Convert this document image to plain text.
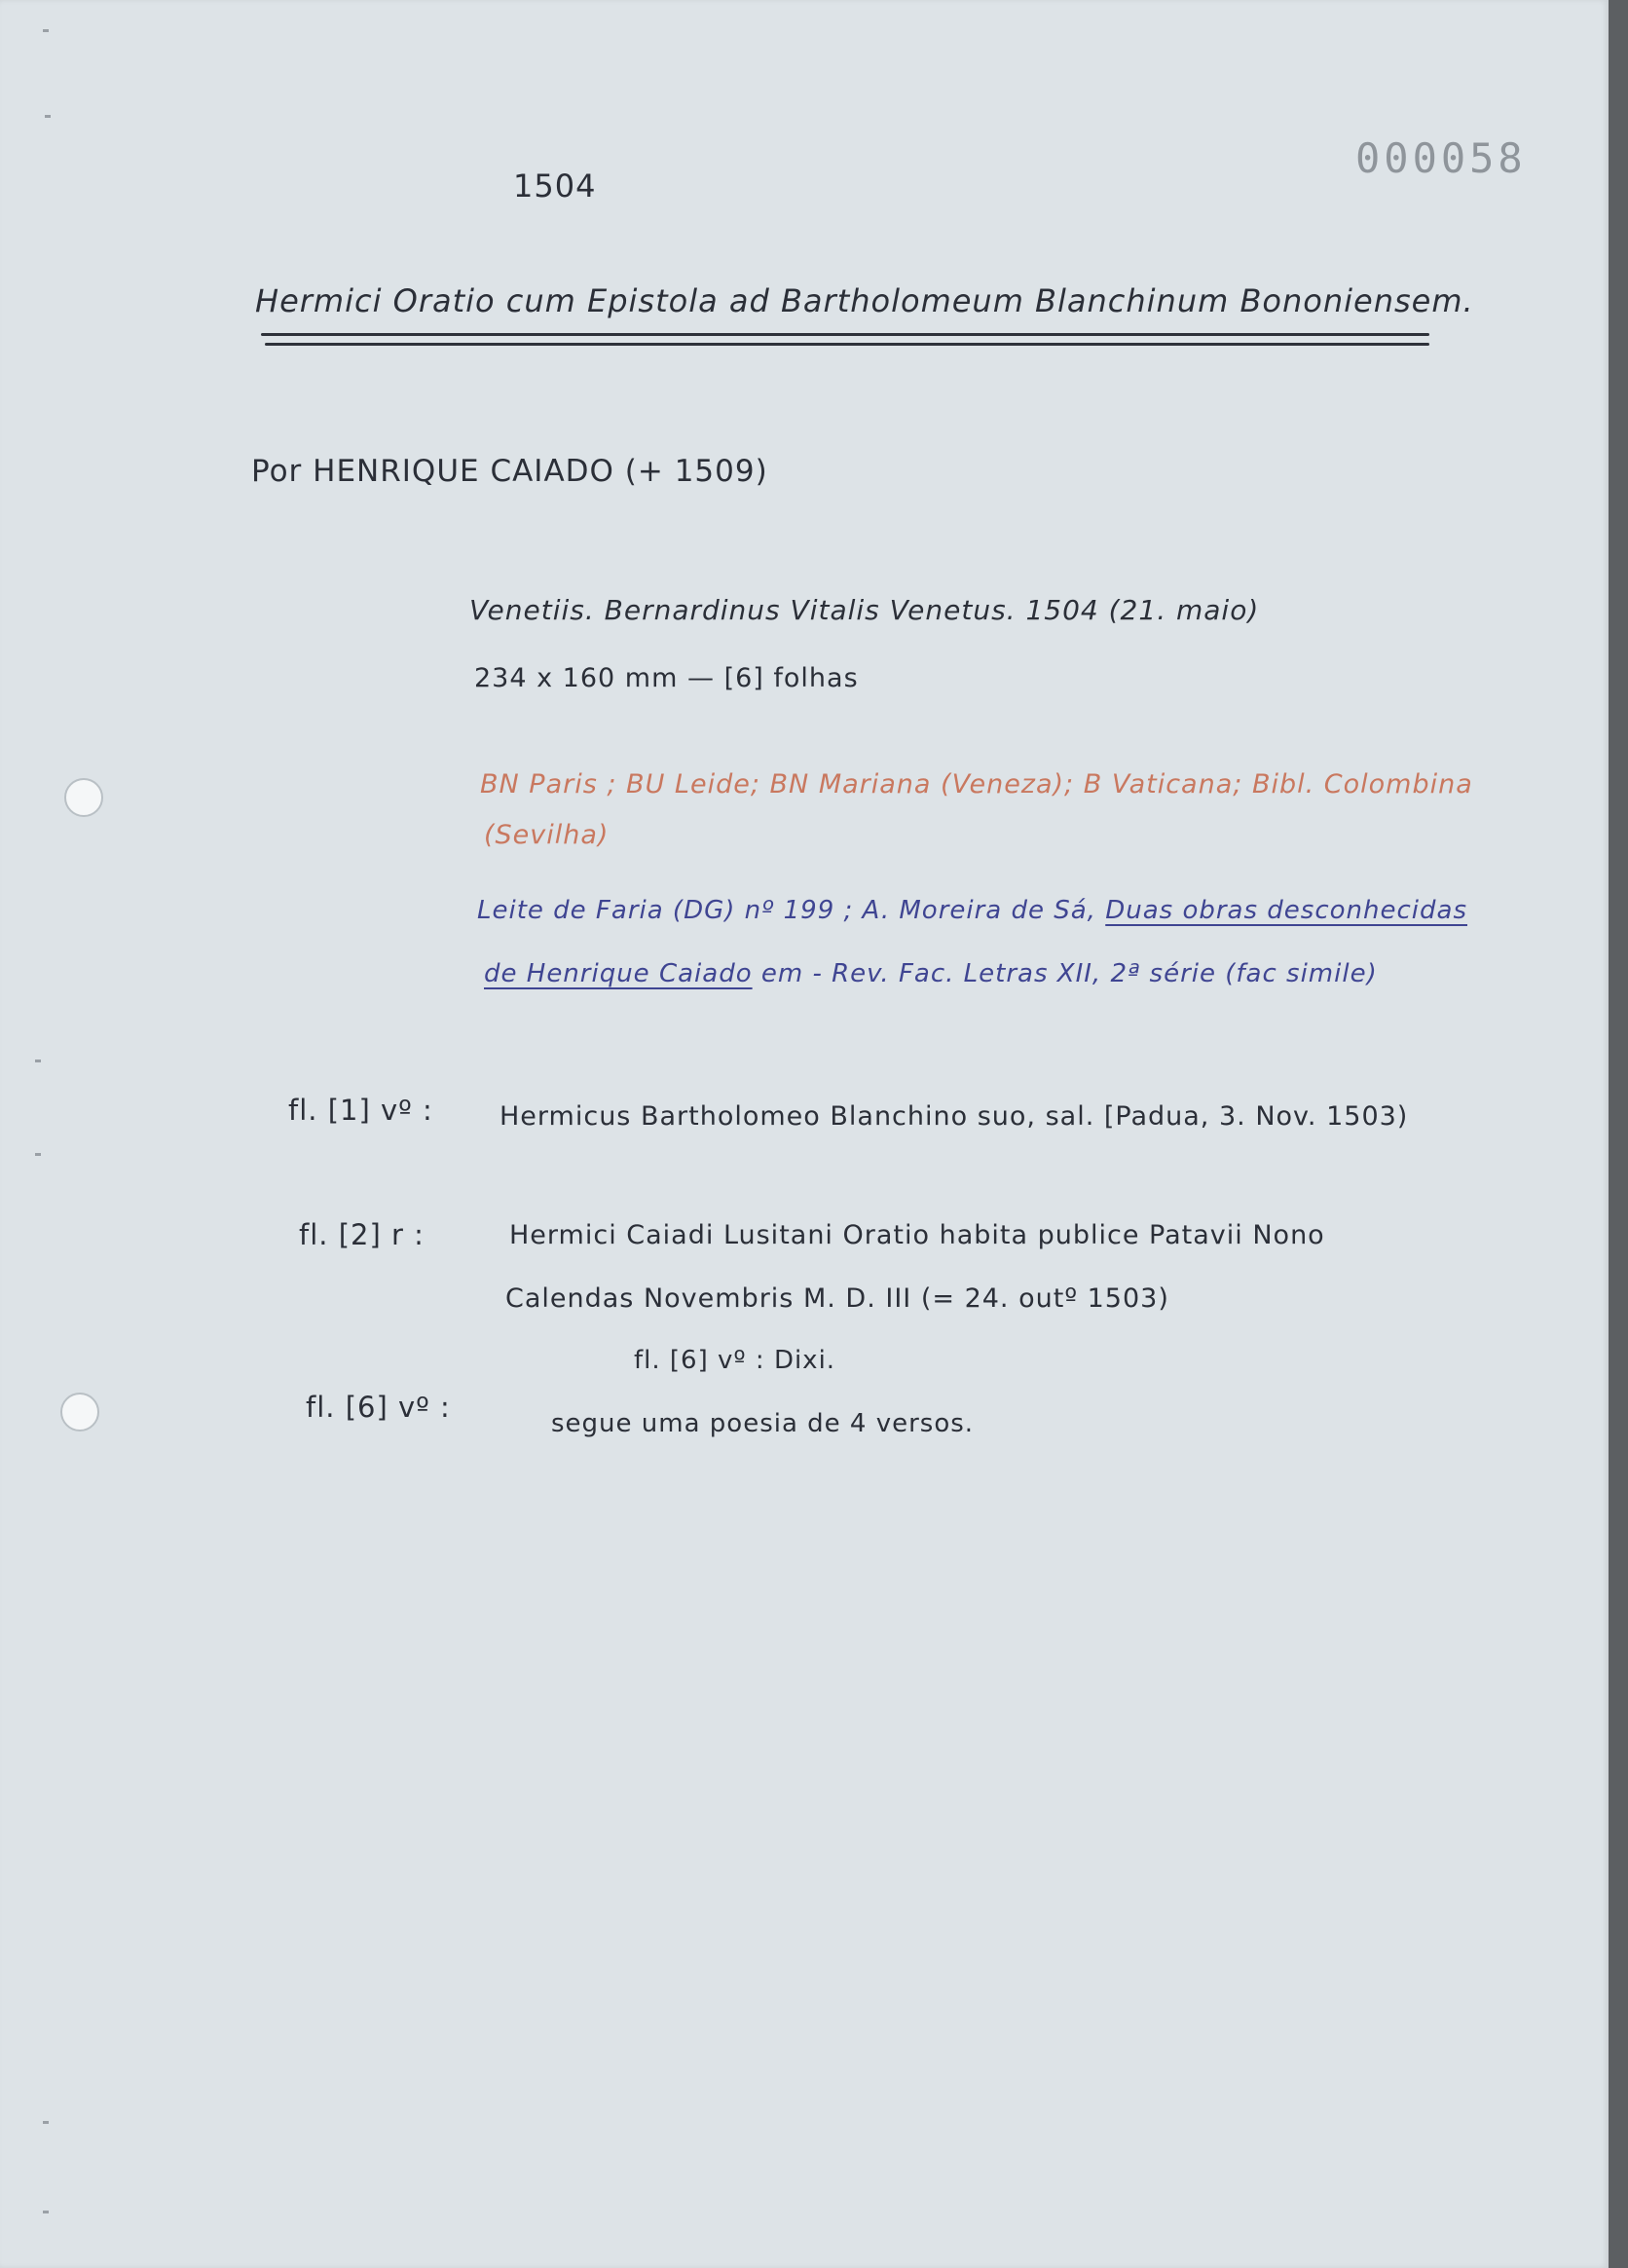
000058
1504
Hermici Oratio cum Epistola ad Bartholomeum Blanchinum Bononiensem.
Por HENRIQUE CAIADO (+ 1509)
Venetiis. Bernardinus Vitalis Venetus. 1504 (21. maio)
234 x 160 mm — [6] folhas
BN Paris ; BU Leide; BN Mariana (Veneza); B Vaticana; Bibl. Colombina
(Sevilha)
Leite de Faria (DG) nº 199 ; A. Moreira de Sá, Duas obras desconhecidas
de Henrique Caiado em - Rev. Fac. Letras XII, 2ª série (fac simile)
fl. [1] vº :	Hermicus Bartholomeo Blanchino suo, sal. [Padua, 3. Nov. 1503)
fl. [2] r :	Hermici Caiadi Lusitani Oratio habita publice Patavii Nono
Calendas Novembris M. D. III (= 24. outº 1503)
fl. [6] vº : Dixi.
fl. [6] vº :	segue uma poesia de 4 versos.
